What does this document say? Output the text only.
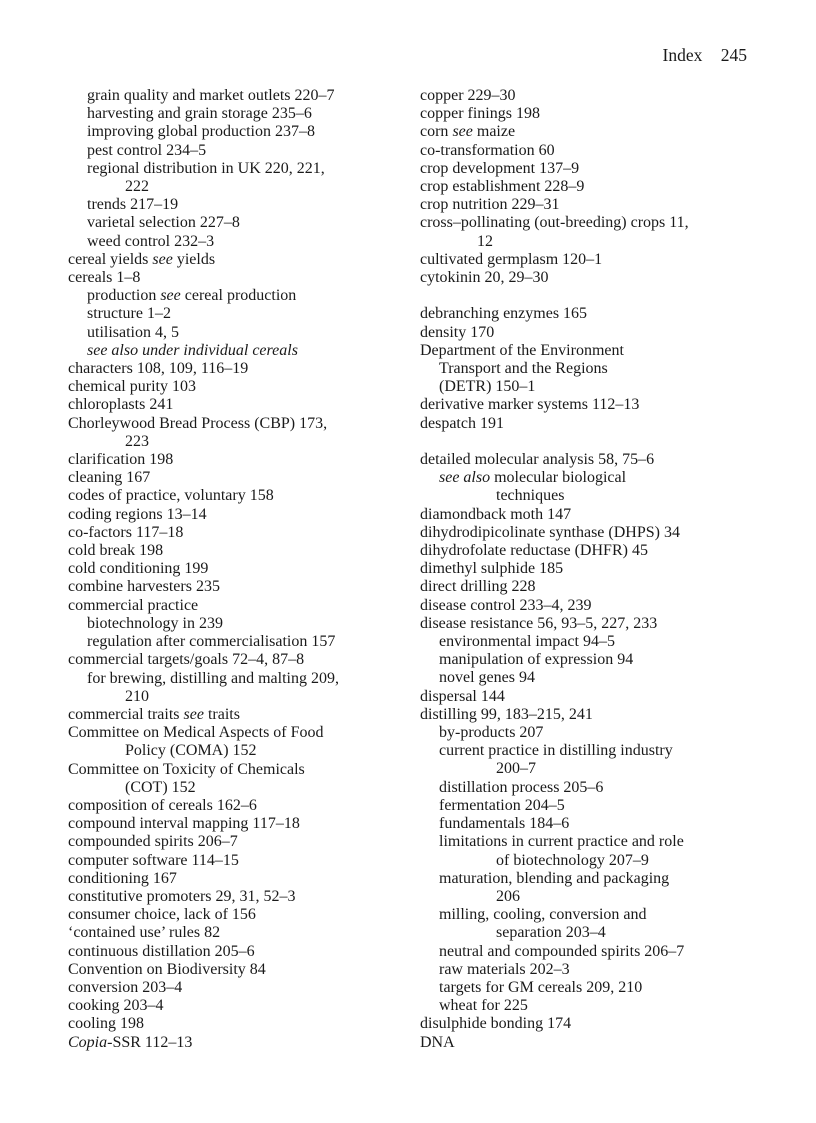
Index 245

grain quality and market outlets 220–7

harvesting and grain storage 235–6

improving global production 237–8

pest control 234–5

regional distribution in UK 220, 221,

222

trends 217–19

varietal selection 227–8

weed control 232–3

cereal yields see yields

cereals 1–8

production see cereal production

structure 1–2

utilisation 4, 5

see also under individual cereals

characters 108, 109, 116–19

chemical purity 103

chloroplasts 241

Chorleywood Bread Process (CBP) 173,

223

clarification 198

cleaning 167

codes of practice, voluntary 158

coding regions 13–14

co-factors 117–18

cold break 198

cold conditioning 199

combine harvesters 235

commercial practice

biotechnology in 239

regulation after commercialisation 157

commercial targets/goals 72–4, 87–8

for brewing, distilling and malting 209,

210

commercial traits see traits

Committee on Medical Aspects of Food

Policy (COMA) 152

Committee on Toxicity of Chemicals

(COT) 152

composition of cereals 162–6

compound interval mapping 117–18

compounded spirits 206–7

computer software 114–15

conditioning 167

constitutive promoters 29, 31, 52–3

consumer choice, lack of 156

‘contained use’ rules 82

continuous distillation 205–6

Convention on Biodiversity 84

conversion 203–4

cooking 203–4

cooling 198

Copia-SSR 112–13

copper 229–30

copper finings 198

corn see maize

co-transformation 60

crop development 137–9

crop establishment 228–9

crop nutrition 229–31

cross–pollinating (out-breeding) crops 11,

12

cultivated germplasm 120–1

cytokinin 20, 29–30

debranching enzymes 165

density 170

Department of the Environment

Transport and the Regions

(DETR) 150–1

derivative marker systems 112–13

despatch 191

detailed molecular analysis 58, 75–6

see also molecular biological

techniques

diamondback moth 147

dihydrodipicolinate synthase (DHPS) 34

dihydrofolate reductase (DHFR) 45

dimethyl sulphide 185

direct drilling 228

disease control 233–4, 239

disease resistance 56, 93–5, 227, 233

environmental impact 94–5

manipulation of expression 94

novel genes 94

dispersal 144

distilling 99, 183–215, 241

by-products 207

current practice in distilling industry

200–7

distillation process 205–6

fermentation 204–5

fundamentals 184–6

limitations in current practice and role

of biotechnology 207–9

maturation, blending and packaging

206

milling, cooling, conversion and

separation 203–4

neutral and compounded spirits 206–7

raw materials 202–3

targets for GM cereals 209, 210

wheat for 225

disulphide bonding 174

DNA
